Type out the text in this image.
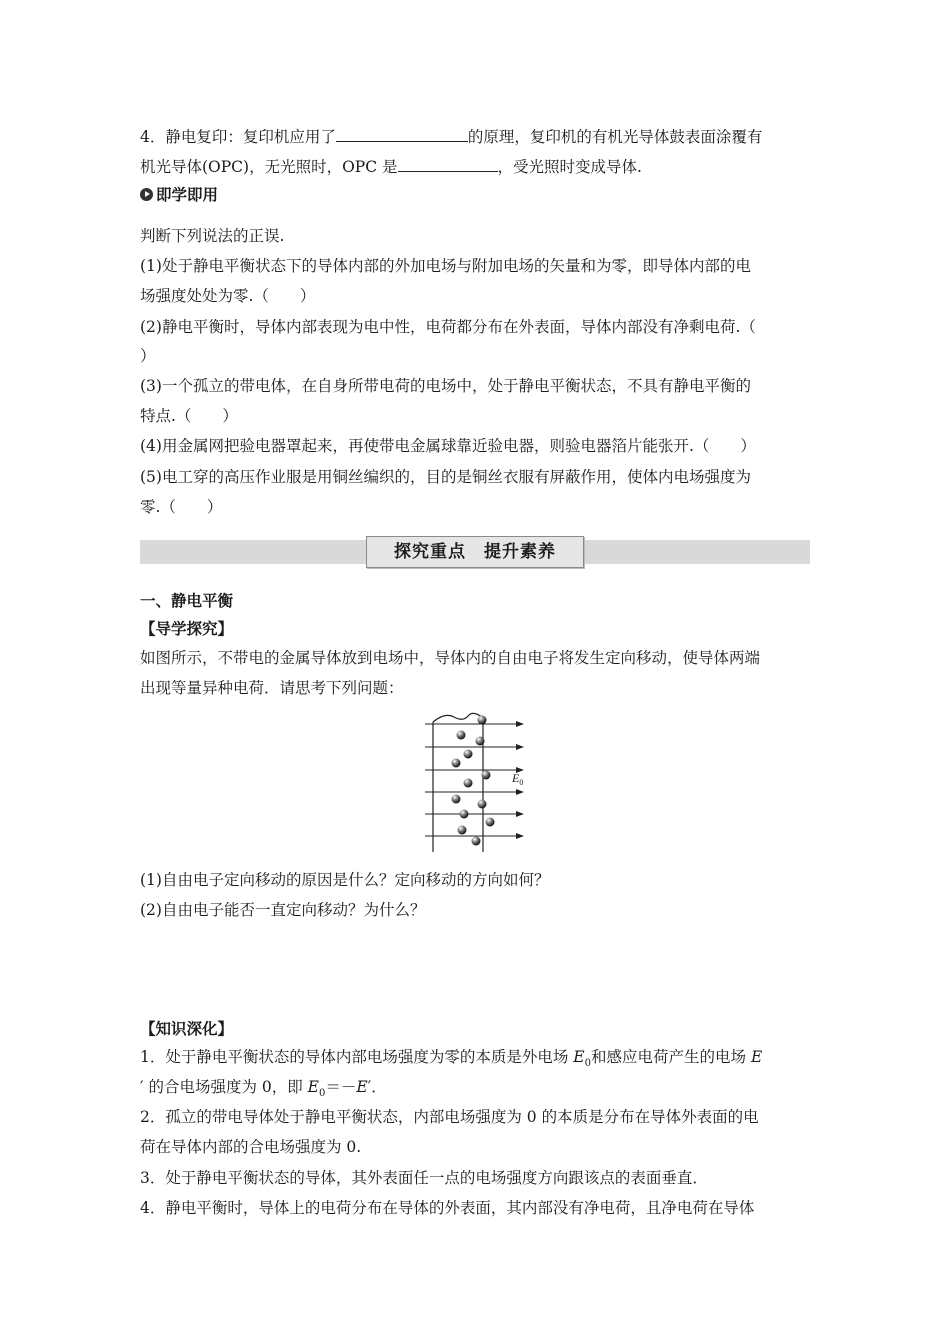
4．静电复印：复印机应用了	的原理，复印机的有机光导体鼓表面涂覆有
机光导体(OPC)，无光照时，OPC 是	，受光照时变成导体.
即学即用
判断下列说法的正误.
(1)处于静电平衡状态下的导体内部的外加电场与附加电场的矢量和为零，即导体内部的电
场强度处处为零.（　　）
(2)静电平衡时，导体内部表现为电中性，电荷都分布在外表面，导体内部没有净剩电荷.（
）
(3)一个孤立的带电体，在自身所带电荷的电场中，处于静电平衡状态，不具有静电平衡的
特点.（　　）
(4)用金属网把验电器罩起来，再使带电金属球靠近验电器，则验电器箔片能张开.（　　）
(5)电工穿的高压作业服是用铜丝编织的，目的是铜丝衣服有屏蔽作用，使体内电场强度为
零.（　　）
探究重点 提升素养
一、静电平衡
【导学探究】
如图所示，不带电的金属导体放到电场中，导体内的自由电子将发生定向移动，使导体两端
出现等量异种电荷．请思考下列问题：
$E_0$
(1)自由电子定向移动的原因是什么？定向移动的方向如何？
(2)自由电子能否一直定向移动？为什么？
【知识深化】
1．处于静电平衡状态的导体内部电场强度为零的本质是外电场 $E_0$和感应电荷产生的电场 E
′ 的合电场强度为 0，即 $E_0=-E'$．
2．孤立的带电导体处于静电平衡状态，内部电场强度为 0 的本质是分布在导体外表面的电
荷在导体内部的合电场强度为 0.
3．处于静电平衡状态的导体，其外表面任一点的电场强度方向跟该点的表面垂直．
4．静电平衡时，导体上的电荷分布在导体的外表面，其内部没有净电荷，且净电荷在导体
